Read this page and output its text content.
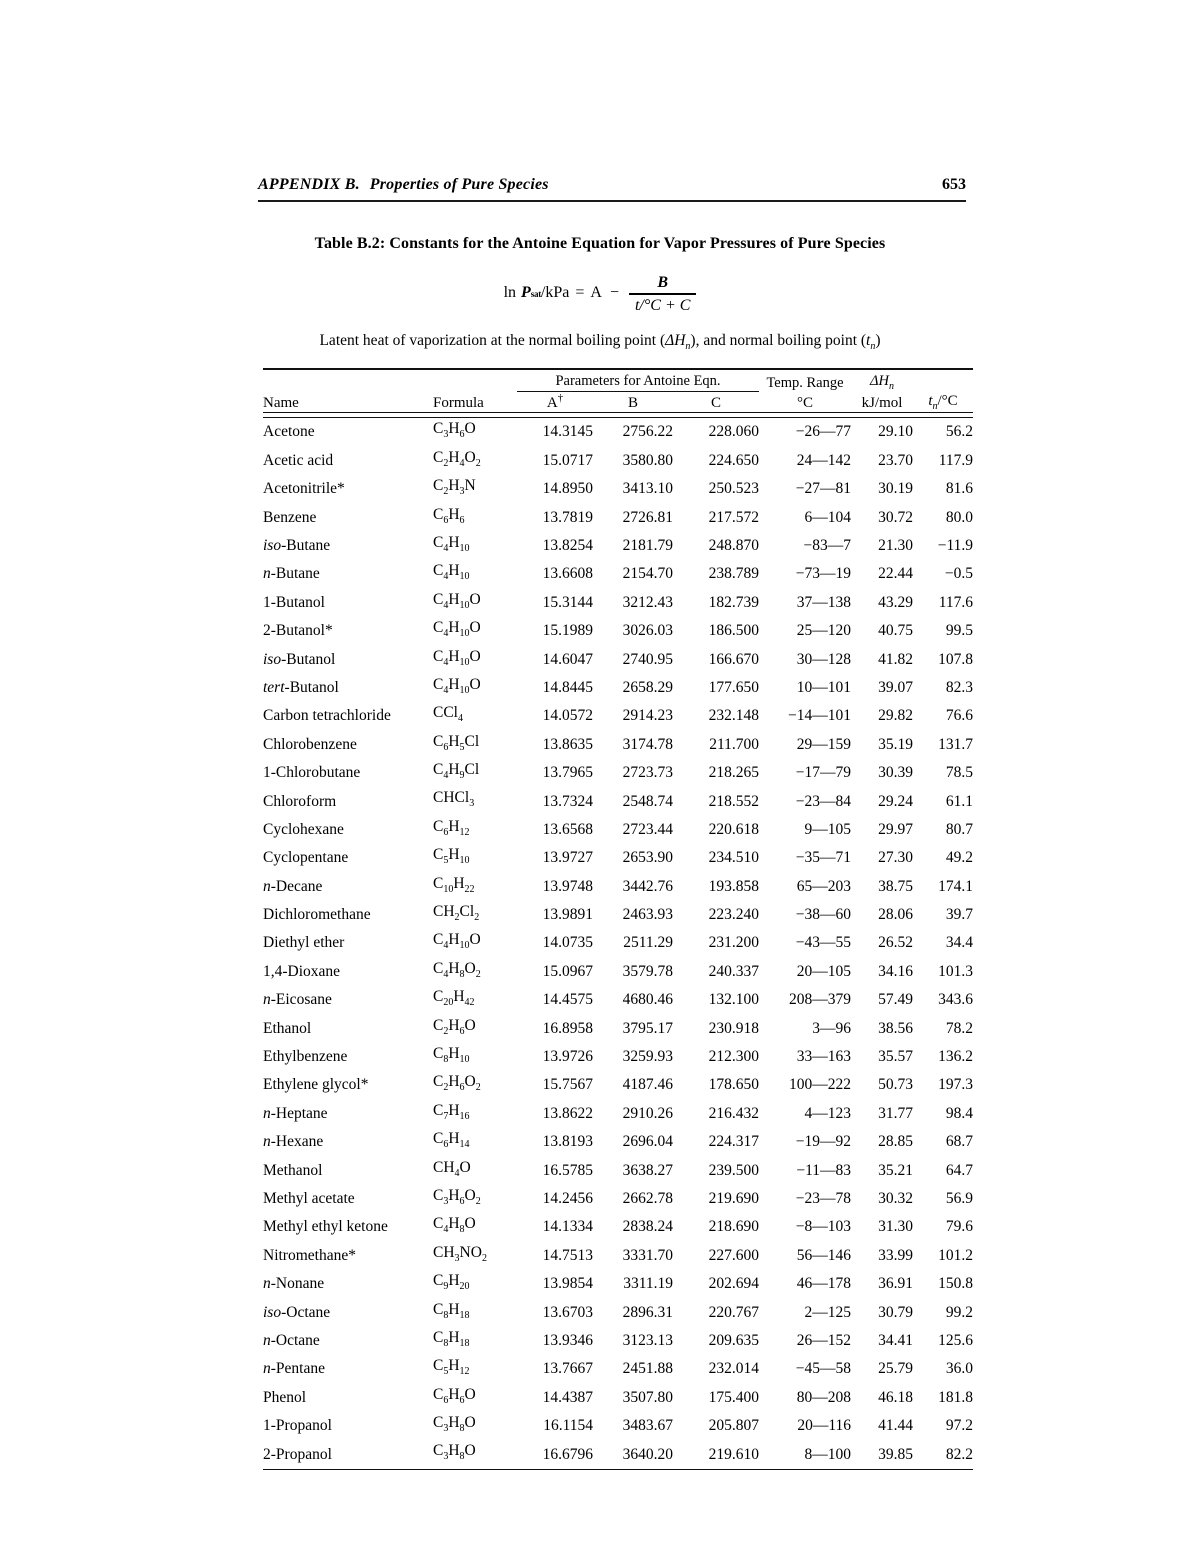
APPENDIX B. Properties of Pure Species	653
Table B.2: Constants for the Antoine Equation for Vapor Pressures of Pure Species
ln P sat $/kPa = A - \frac{B}{t/^\circ C + C}$
Latent heat of vaporization at the normal boiling point $(\Delta H_n)$, and normal boiling point $(t_n)$

		Parameters for Antoine Eqn.			Temp. Range	$\Delta H_n$	
Name	Formula	A†	B	C	°C	kJ/mol	$t_n/^\circ C$

Acetone	$C_3H_6O$	14.3145	2756.22	228.060	−26—77	29.10	56.2
Acetic acid	$C_2H_4O_2$	15.0717	3580.80	224.650	24—142	23.70	117.9
Acetonitrile*	$C_2H_3N$	14.8950	3413.10	250.523	−27—81	30.19	81.6
Benzene	$C_6H_6$	13.7819	2726.81	217.572	6—104	30.72	80.0
iso-Butane	$C_4H_{10}$	13.8254	2181.79	248.870	−83—7	21.30	−11.9
n-Butane	$C_4H_{10}$	13.6608	2154.70	238.789	−73—19	22.44	−0.5
1-Butanol	$C_4H_{10}O$	15.3144	3212.43	182.739	37—138	43.29	117.6
2-Butanol*	$C_4H_{10}O$	15.1989	3026.03	186.500	25—120	40.75	99.5
iso-Butanol	$C_4H_{10}O$	14.6047	2740.95	166.670	30—128	41.82	107.8
tert-Butanol	$C_4H_{10}O$	14.8445	2658.29	177.650	10—101	39.07	82.3
Carbon tetrachloride	CCl$_4$	14.0572	2914.23	232.148	−14—101	29.82	76.6
Chlorobenzene	$C_6H_5Cl$	13.8635	3174.78	211.700	29—159	35.19	131.7
1-Chlorobutane	$C_4H_9Cl$	13.7965	2723.73	218.265	−17—79	30.39	78.5
Chloroform	CHCl$_3$	13.7324	2548.74	218.552	−23—84	29.24	61.1
Cyclohexane	$C_6H_{12}$	13.6568	2723.44	220.618	9—105	29.97	80.7
Cyclopentane	$C_5H_{10}$	13.9727	2653.90	234.510	−35—71	27.30	49.2
n-Decane	$C_{10}H_{22}$	13.9748	3442.76	193.858	65—203	38.75	174.1
Dichloromethane	$CH_2Cl_2$	13.9891	2463.93	223.240	−38—60	28.06	39.7
Diethyl ether	$C_4H_{10}O$	14.0735	2511.29	231.200	−43—55	26.52	34.4
1,4-Dioxane	$C_4H_8O_2$	15.0967	3579.78	240.337	20—105	34.16	101.3
n-Eicosane	$C_{20}H_{42}$	14.4575	4680.46	132.100	208—379	57.49	343.6
Ethanol	$C_2H_6O$	16.8958	3795.17	230.918	3—96	38.56	78.2
Ethylbenzene	$C_8H_{10}$	13.9726	3259.93	212.300	33—163	35.57	136.2
Ethylene glycol*	$C_2H_6O_2$	15.7567	4187.46	178.650	100—222	50.73	197.3
n-Heptane	$C_7H_{16}$	13.8622	2910.26	216.432	4—123	31.77	98.4
n-Hexane	$C_6H_{14}$	13.8193	2696.04	224.317	−19—92	28.85	68.7
Methanol	$CH_4O$	16.5785	3638.27	239.500	−11—83	35.21	64.7
Methyl acetate	$C_3H_6O_2$	14.2456	2662.78	219.690	−23—78	30.32	56.9
Methyl ethyl ketone	$C_4H_8O$	14.1334	2838.24	218.690	−8—103	31.30	79.6
Nitromethane*	$CH_3NO_2$	14.7513	3331.70	227.600	56—146	33.99	101.2
n-Nonane	$C_9H_{20}$	13.9854	3311.19	202.694	46—178	36.91	150.8
iso-Octane	$C_8H_{18}$	13.6703	2896.31	220.767	2—125	30.79	99.2
n-Octane	$C_8H_{18}$	13.9346	3123.13	209.635	26—152	34.41	125.6
n-Pentane	$C_5H_{12}$	13.7667	2451.88	232.014	−45—58	25.79	36.0
Phenol	$C_6H_6O$	14.4387	3507.80	175.400	80—208	46.18	181.8
1-Propanol	$C_3H_8O$	16.1154	3483.67	205.807	20—116	41.44	97.2
2-Propanol	$C_3H_8O$	16.6796	3640.20	219.610	8—100	39.85	82.2
